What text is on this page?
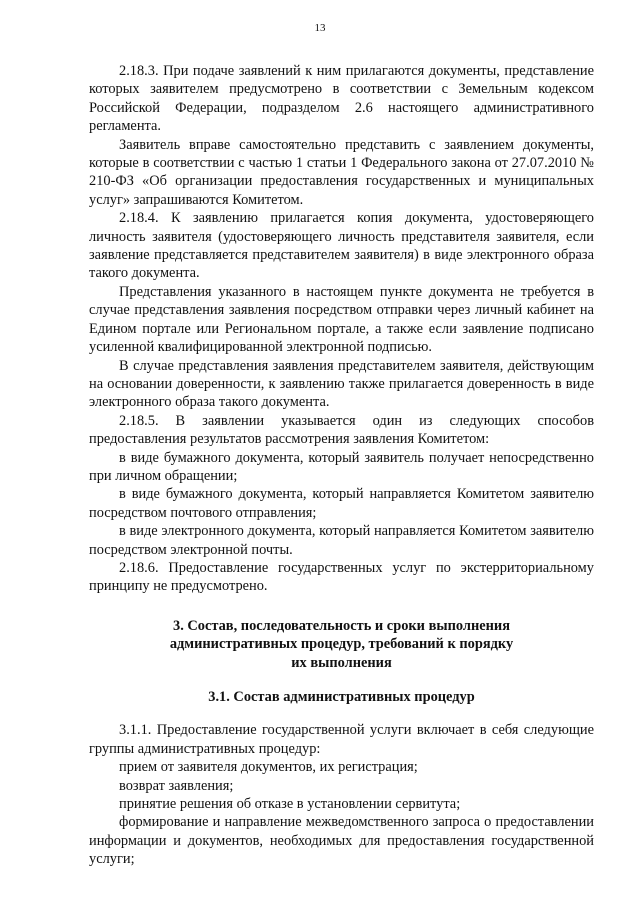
13

2.18.3. При подаче заявлений к ним прилагаются документы, представление которых заявителем предусмотрено в соответствии с Земельным кодексом Российской Федерации, подразделом 2.6 настоящего административного регламента.

Заявитель вправе самостоятельно представить с заявлением документы, которые в соответствии с частью 1 статьи 1 Федерального закона от 27.07.2010 № 210-ФЗ «Об организации предоставления государственных и муниципальных услуг» запрашиваются Комитетом.

2.18.4. К заявлению прилагается копия документа, удостоверяющего личность заявителя (удостоверяющего личность представителя заявителя, если заявление представляется представителем заявителя) в виде электронного образа такого документа.

Представления указанного в настоящем пункте документа не требуется в случае представления заявления посредством отправки через личный кабинет на Едином портале или Региональном портале, а также если заявление подписано усиленной квалифицированной электронной подписью.

В случае представления заявления представителем заявителя, действующим на основании доверенности, к заявлению также прилагается доверенность в виде электронного образа такого документа.

2.18.5. В заявлении указывается один из следующих способов предоставления результатов рассмотрения заявления Комитетом:

в виде бумажного документа, который заявитель получает непосредственно при личном обращении;

в виде бумажного документа, который направляется Комитетом заявителю посредством почтового отправления;

в виде электронного документа, который направляется Комитетом заявителю посредством электронной почты.

2.18.6. Предоставление государственных услуг по экстерриториальному принципу не предусмотрено.

3. Состав, последовательность и сроки выполнения
административных процедур, требований к порядку
их выполнения
3.1. Состав административных процедур

3.1.1. Предоставление государственной услуги включает в себя следующие группы административных процедур:

прием от заявителя документов, их регистрация;

возврат заявления;

принятие решения об отказе в установлении сервитута;

формирование и направление межведомственного запроса о предоставлении информации и документов, необходимых для предоставления государственной услуги;
